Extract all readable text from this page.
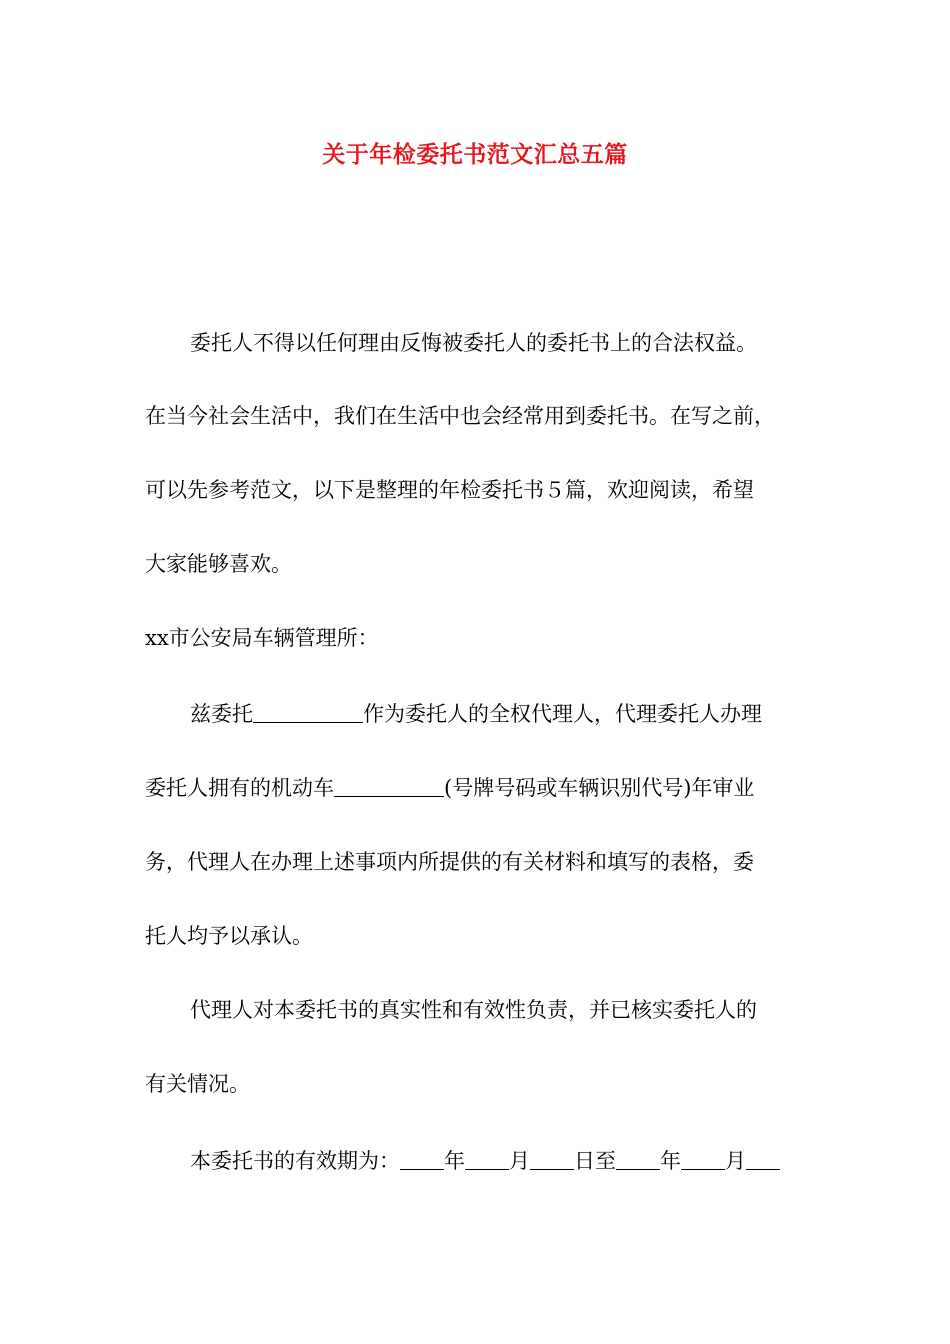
关于年检委托书范文汇总五篇
委托人不得以任何理由反悔被委托人的委托书上的合法权益。
在当今社会生活中，我们在生活中也会经常用到委托书。在写之前，
可以先参考范文，以下是整理的年检委托书５篇，欢迎阅读，希望
大家能够喜欢。
xx市公安局车辆管理所：
兹委托	作为委托人的全权代理人，代理委托人办理
委托人拥有的机动车	(号牌号码或车辆识别代号)年审业
务，代理人在办理上述事项内所提供的有关材料和填写的表格，委
托人均予以承认。
代理人对本委托书的真实性和有效性负责，并已核实委托人的
有关情况。
本委托书的有效期为： 年 月 日至 年 月
